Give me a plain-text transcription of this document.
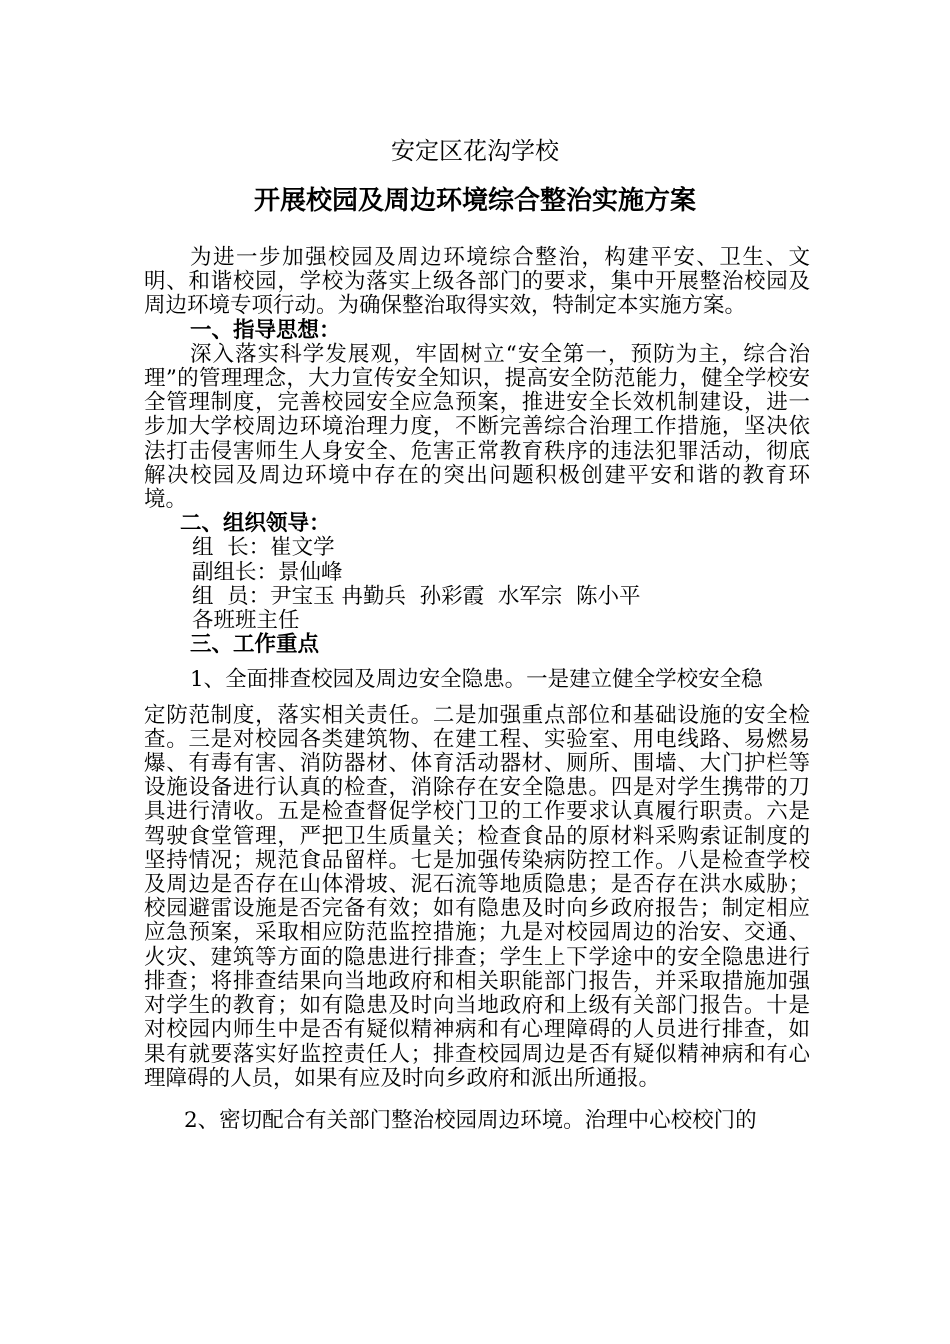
安定区花沟学校
开展校园及周边环境综合整治实施方案

为进一步加强校园及周边环境综合整治，构建平安、卫生、文明、和谐校园，学校为落实上级各部门的要求，集中开展整治校园及周边环境专项行动。为确保整治取得实效，特制定本实施方案。

一、指导思想：

深入落实科学发展观，牢固树立“安全第一，预防为主，综合治理”的管理理念，大力宣传安全知识，提高安全防范能力，健全学校安全管理制度，完善校园安全应急预案，推进安全长效机制建设，进一步加大学校周边环境治理力度，不断完善综合治理工作措施，坚决依法打击侵害师生人身安全、危害正常教育秩序的违法犯罪活动，彻底解决校园及周边环境中存在的突出问题积极创建平安和谐的教育环境。

二、组织领导：

组  长：崔文学

副组长：景仙峰

组  员：尹宝玉 冉勤兵  孙彩霞  水军宗  陈小平

各班班主任

三、工作重点

1、全面排查校园及周边安全隐患。一是建立健全学校安全稳

定防范制度，落实相关责任。二是加强重点部位和基础设施的安全检查。三是对校园各类建筑物、在建工程、实验室、用电线路、易燃易爆、有毒有害、消防器材、体育活动器材、厕所、围墙、大门护栏等设施设备进行认真的检查，消除存在安全隐患。四是对学生携带的刀具进行清收。五是检查督促学校门卫的工作要求认真履行职责。六是驾驶食堂管理，严把卫生质量关；检查食品的原材料采购索证制度的坚持情况；规范食品留样。七是加强传染病防控工作。八是检查学校及周边是否存在山体滑坡、泥石流等地质隐患；是否存在洪水威胁；校园避雷设施是否完备有效；如有隐患及时向乡政府报告；制定相应应急预案，采取相应防范监控措施；九是对校园周边的治安、交通、火灾、建筑等方面的隐患进行排查；学生上下学途中的安全隐患进行排查；将排查结果向当地政府和相关职能部门报告，并采取措施加强对学生的教育；如有隐患及时向当地政府和上级有关部门报告。十是对校园内师生中是否有疑似精神病和有心理障碍的人员进行排查，如果有就要落实好监控责任人；排查校园周边是否有疑似精神病和有心理障碍的人员，如果有应及时向乡政府和派出所通报。

2、密切配合有关部门整治校园周边环境。治理中心校校门的
